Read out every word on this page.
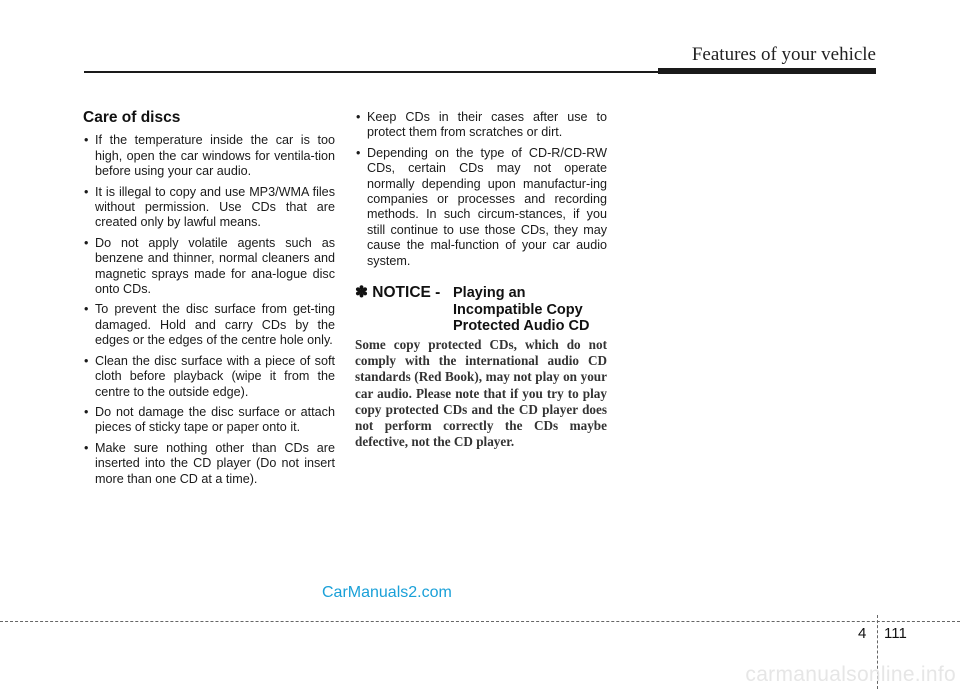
Features of your vehicle
Care of discs
• If the temperature inside the car is too high, open the car windows for ventila-tion before using your car audio.
• It is illegal to copy and use MP3/WMA files without permission. Use CDs that are created only by lawful means.
• Do not apply volatile agents such as benzene and thinner, normal cleaners and magnetic sprays made for ana-logue disc onto CDs.
• To prevent the disc surface from get-ting damaged. Hold and carry CDs by the edges or the edges of the centre hole only.
• Clean the disc surface with a piece of soft cloth before playback (wipe it from the centre to the outside edge).
• Do not damage the disc surface or attach pieces of sticky tape or paper onto it.
• Make sure nothing other than CDs are inserted into the CD player (Do not insert more than one CD at a time).
• Keep CDs in their cases after use to protect them from scratches or dirt.
• Depending on the type of CD-R/CD-RW CDs, certain CDs may not operate normally depending upon manufactur-ing companies or processes and recording methods. In such circum-stances, if you still continue to use those CDs, they may cause the mal-function of your car audio system.
✽ NOTICE - Playing an Incompatible Copy Protected Audio CD
Some copy protected CDs, which do not comply with the international audio CD standards (Red Book), may not play on your car audio. Please note that if you try to play copy protected CDs and the CD player does not perform correctly the CDs maybe defective, not the CD player.
CarManuals2.com
4 111
carmanualsonline.info
